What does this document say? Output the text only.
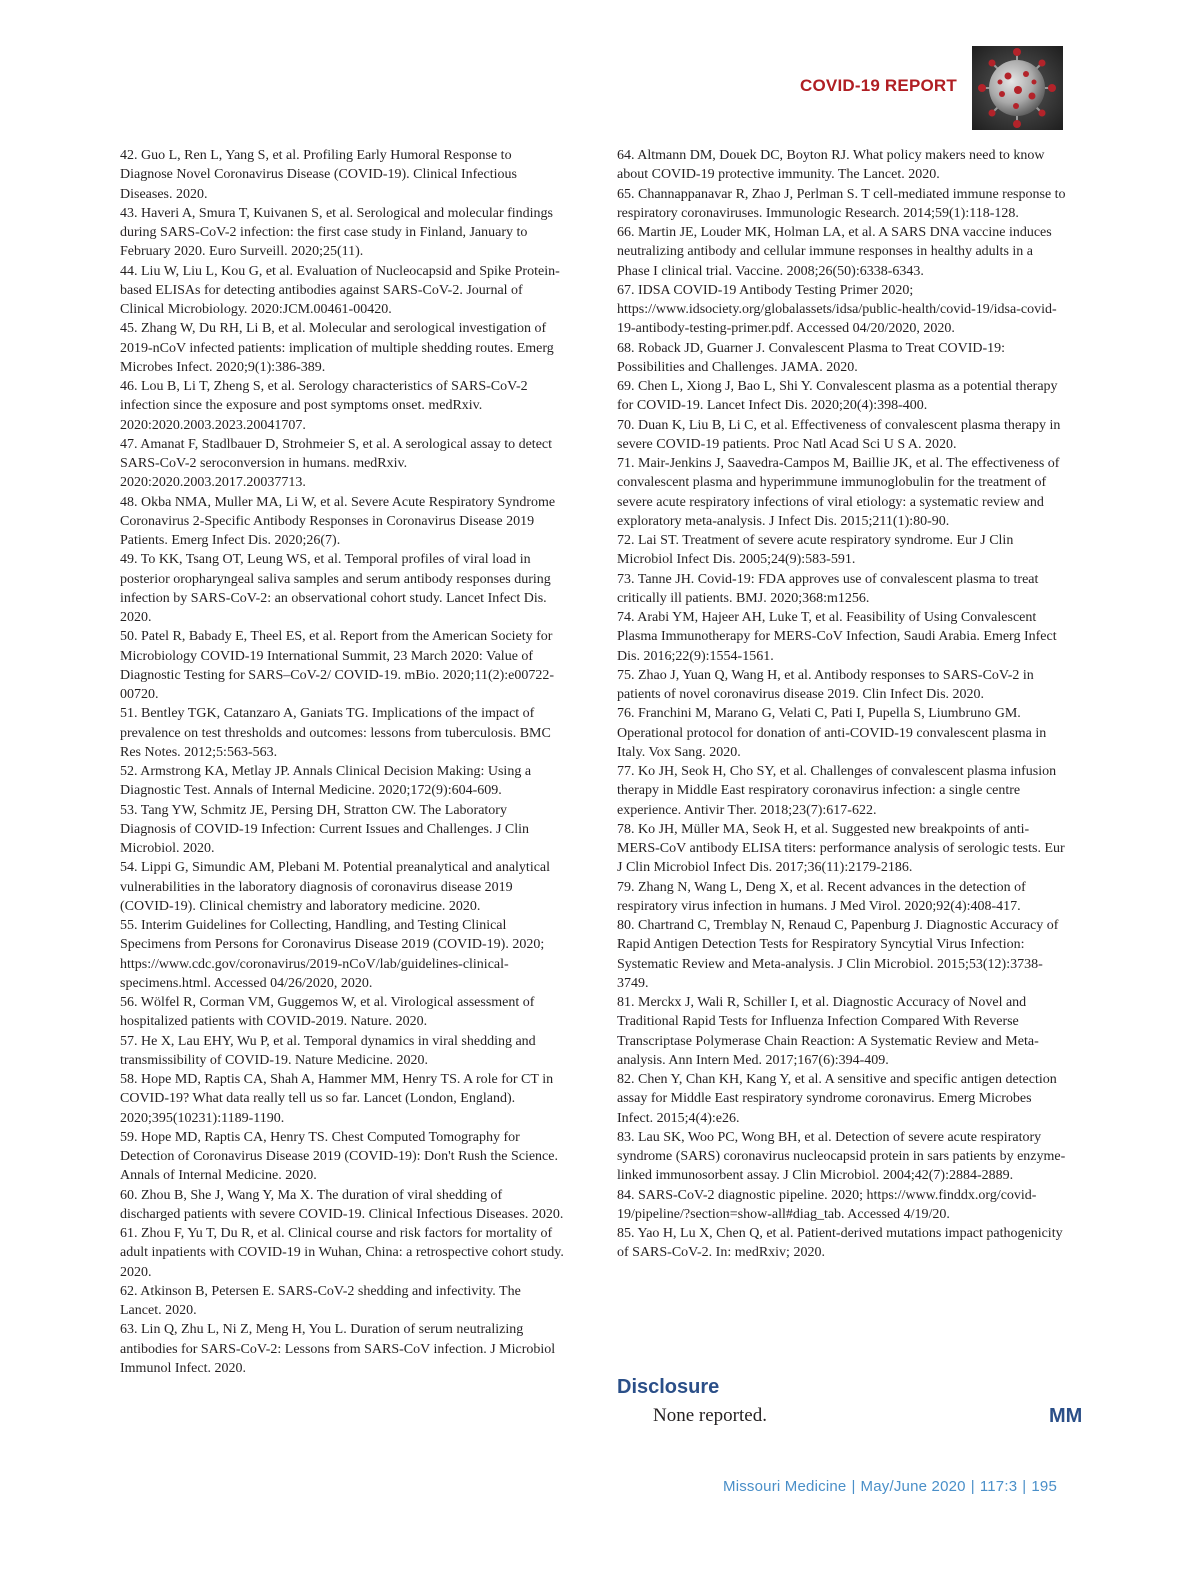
COVID-19 REPORT

42. Guo L, Ren L, Yang S, et al. Profiling Early Humoral Response to Diagnose Novel Coronavirus Disease (COVID-19). Clinical Infectious Diseases. 2020.

43. Haveri A, Smura T, Kuivanen S, et al. Serological and molecular findings during SARS-CoV-2 infection: the first case study in Finland, January to February 2020. Euro Surveill. 2020;25(11).

44. Liu W, Liu L, Kou G, et al. Evaluation of Nucleocapsid and Spike Protein-based ELISAs for detecting antibodies against SARS-CoV-2. Journal of Clinical Microbiology. 2020:JCM.00461-00420.

45. Zhang W, Du RH, Li B, et al. Molecular and serological investigation of 2019-nCoV infected patients: implication of multiple shedding routes. Emerg Microbes Infect. 2020;9(1):386-389.

46. Lou B, Li T, Zheng S, et al. Serology characteristics of SARS-CoV-2 infection since the exposure and post symptoms onset. medRxiv. 2020:2020.2003.2023.20041707.

47. Amanat F, Stadlbauer D, Strohmeier S, et al. A serological assay to detect SARS-CoV-2 seroconversion in humans. medRxiv. 2020:2020.2003.2017.20037713.

48. Okba NMA, Muller MA, Li W, et al. Severe Acute Respiratory Syndrome Coronavirus 2-Specific Antibody Responses in Coronavirus Disease 2019 Patients. Emerg Infect Dis. 2020;26(7).

49. To KK, Tsang OT, Leung WS, et al. Temporal profiles of viral load in posterior oropharyngeal saliva samples and serum antibody responses during infection by SARS-CoV-2: an observational cohort study. Lancet Infect Dis. 2020.

50. Patel R, Babady E, Theel ES, et al. Report from the American Society for Microbiology COVID-19 International Summit, 23 March 2020: Value of Diagnostic Testing for SARS–CoV-2/ COVID-19. mBio. 2020;11(2):e00722-00720.

51. Bentley TGK, Catanzaro A, Ganiats TG. Implications of the impact of prevalence on test thresholds and outcomes: lessons from tuberculosis. BMC Res Notes. 2012;5:563-563.

52. Armstrong KA, Metlay JP. Annals Clinical Decision Making: Using a Diagnostic Test. Annals of Internal Medicine. 2020;172(9):604-609.

53. Tang YW, Schmitz JE, Persing DH, Stratton CW. The Laboratory Diagnosis of COVID-19 Infection: Current Issues and Challenges. J Clin Microbiol. 2020.

54. Lippi G, Simundic AM, Plebani M. Potential preanalytical and analytical vulnerabilities in the laboratory diagnosis of coronavirus disease 2019 (COVID-19). Clinical chemistry and laboratory medicine. 2020.

55. Interim Guidelines for Collecting, Handling, and Testing Clinical Specimens from Persons for Coronavirus Disease 2019 (COVID-19). 2020; https://www.cdc.gov/coronavirus/2019-nCoV/lab/guidelines-clinical-specimens.html. Accessed 04/26/2020, 2020.

56. Wölfel R, Corman VM, Guggemos W, et al. Virological assessment of hospitalized patients with COVID-2019. Nature. 2020.

57. He X, Lau EHY, Wu P, et al. Temporal dynamics in viral shedding and transmissibility of COVID-19. Nature Medicine. 2020.

58. Hope MD, Raptis CA, Shah A, Hammer MM, Henry TS. A role for CT in COVID-19? What data really tell us so far. Lancet (London, England). 2020;395(10231):1189-1190.

59. Hope MD, Raptis CA, Henry TS. Chest Computed Tomography for Detection of Coronavirus Disease 2019 (COVID-19): Don't Rush the Science. Annals of Internal Medicine. 2020.

60. Zhou B, She J, Wang Y, Ma X. The duration of viral shedding of discharged patients with severe COVID-19. Clinical Infectious Diseases. 2020.

61. Zhou F, Yu T, Du R, et al. Clinical course and risk factors for mortality of adult inpatients with COVID-19 in Wuhan, China: a retrospective cohort study. 2020.

62. Atkinson B, Petersen E. SARS-CoV-2 shedding and infectivity. The Lancet. 2020.

63. Lin Q, Zhu L, Ni Z, Meng H, You L. Duration of serum neutralizing antibodies for SARS-CoV-2: Lessons from SARS-CoV infection. J Microbiol Immunol Infect. 2020.

64. Altmann DM, Douek DC, Boyton RJ. What policy makers need to know about COVID-19 protective immunity. The Lancet. 2020.

65. Channappanavar R, Zhao J, Perlman S. T cell-mediated immune response to respiratory coronaviruses. Immunologic Research. 2014;59(1):118-128.

66. Martin JE, Louder MK, Holman LA, et al. A SARS DNA vaccine induces neutralizing antibody and cellular immune responses in healthy adults in a Phase I clinical trial. Vaccine. 2008;26(50):6338-6343.

67. IDSA COVID-19 Antibody Testing Primer 2020; https://www.idsociety.org/globalassets/idsa/public-health/covid-19/idsa-covid-19-antibody-testing-primer.pdf. Accessed 04/20/2020, 2020.

68. Roback JD, Guarner J. Convalescent Plasma to Treat COVID-19: Possibilities and Challenges. JAMA. 2020.

69. Chen L, Xiong J, Bao L, Shi Y. Convalescent plasma as a potential therapy for COVID-19. Lancet Infect Dis. 2020;20(4):398-400.

70. Duan K, Liu B, Li C, et al. Effectiveness of convalescent plasma therapy in severe COVID-19 patients. Proc Natl Acad Sci U S A. 2020.

71. Mair-Jenkins J, Saavedra-Campos M, Baillie JK, et al. The effectiveness of convalescent plasma and hyperimmune immunoglobulin for the treatment of severe acute respiratory infections of viral etiology: a systematic review and exploratory meta-analysis. J Infect Dis. 2015;211(1):80-90.

72. Lai ST. Treatment of severe acute respiratory syndrome. Eur J Clin Microbiol Infect Dis. 2005;24(9):583-591.

73. Tanne JH. Covid-19: FDA approves use of convalescent plasma to treat critically ill patients. BMJ. 2020;368:m1256.

74. Arabi YM, Hajeer AH, Luke T, et al. Feasibility of Using Convalescent Plasma Immunotherapy for MERS-CoV Infection, Saudi Arabia. Emerg Infect Dis. 2016;22(9):1554-1561.

75. Zhao J, Yuan Q, Wang H, et al. Antibody responses to SARS-CoV-2 in patients of novel coronavirus disease 2019. Clin Infect Dis. 2020.

76. Franchini M, Marano G, Velati C, Pati I, Pupella S, Liumbruno GM. Operational protocol for donation of anti-COVID-19 convalescent plasma in Italy. Vox Sang. 2020.

77. Ko JH, Seok H, Cho SY, et al. Challenges of convalescent plasma infusion therapy in Middle East respiratory coronavirus infection: a single centre experience. Antivir Ther. 2018;23(7):617-622.

78. Ko JH, Müller MA, Seok H, et al. Suggested new breakpoints of anti-MERS-CoV antibody ELISA titers: performance analysis of serologic tests. Eur J Clin Microbiol Infect Dis. 2017;36(11):2179-2186.

79. Zhang N, Wang L, Deng X, et al. Recent advances in the detection of respiratory virus infection in humans. J Med Virol. 2020;92(4):408-417.

80. Chartrand C, Tremblay N, Renaud C, Papenburg J. Diagnostic Accuracy of Rapid Antigen Detection Tests for Respiratory Syncytial Virus Infection: Systematic Review and Meta-analysis. J Clin Microbiol. 2015;53(12):3738-3749.

81. Merckx J, Wali R, Schiller I, et al. Diagnostic Accuracy of Novel and Traditional Rapid Tests for Influenza Infection Compared With Reverse Transcriptase Polymerase Chain Reaction: A Systematic Review and Meta-analysis. Ann Intern Med. 2017;167(6):394-409.

82. Chen Y, Chan KH, Kang Y, et al. A sensitive and specific antigen detection assay for Middle East respiratory syndrome coronavirus. Emerg Microbes Infect. 2015;4(4):e26.

83. Lau SK, Woo PC, Wong BH, et al. Detection of severe acute respiratory syndrome (SARS) coronavirus nucleocapsid protein in sars patients by enzyme-linked immunosorbent assay. J Clin Microbiol. 2004;42(7):2884-2889.

84. SARS-CoV-2 diagnostic pipeline. 2020; https://www.finddx.org/covid-19/pipeline/?section=show-all#diag_tab. Accessed 4/19/20.

85. Yao H, Lu X, Chen Q, et al. Patient-derived mutations impact pathogenicity of SARS-CoV-2. In: medRxiv; 2020.

Disclosure
None reported.	MM
Missouri Medicine | May/June 2020 | 117:3 | 195
